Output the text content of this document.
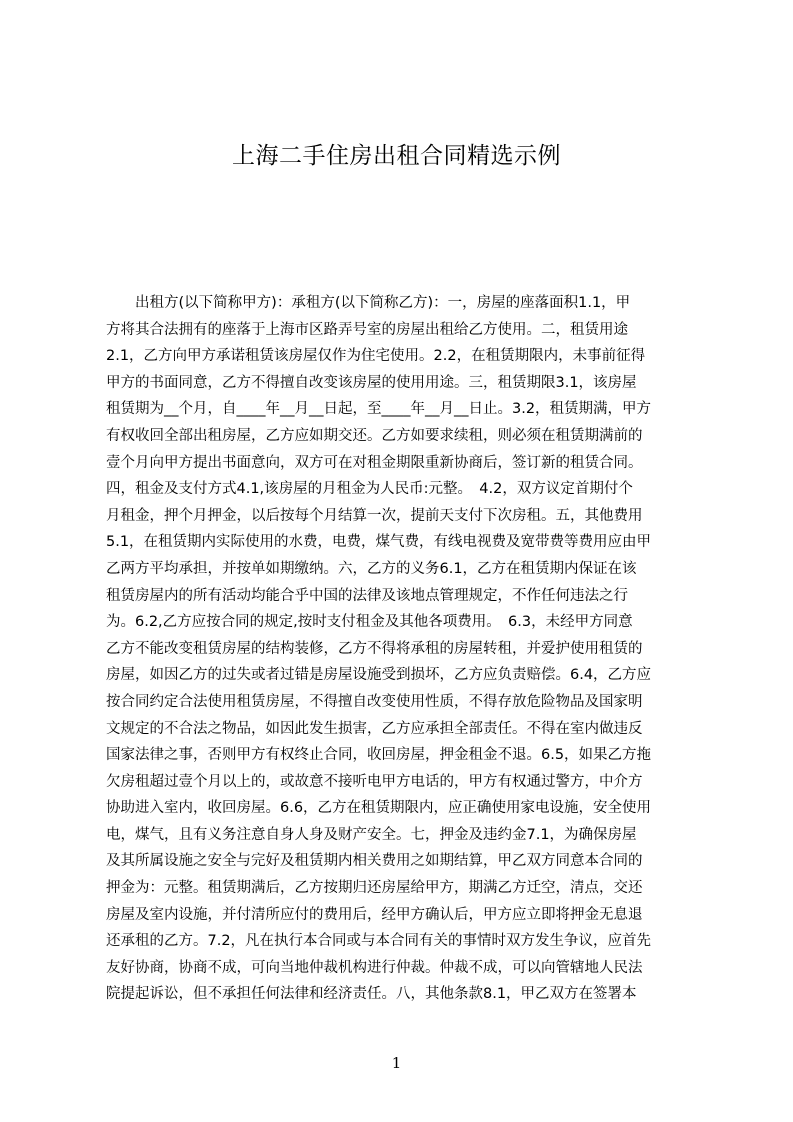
上海二手住房出租合同精选示例

　　出租方(以下简称甲方)：承租方(以下简称乙方)：一，房屋的座落面积1.1，甲

方将其合法拥有的座落于上海市区路弄号室的房屋出租给乙方使用。二，租赁用途

2.1，乙方向甲方承诺租赁该房屋仅作为住宅使用。2.2，在租赁期限内，未事前征得

甲方的书面同意，乙方不得擅自改变该房屋的使用用途。三，租赁期限3.1，该房屋

租赁期为__个月，自____年__月__日起，至____年__月__日止。3.2，租赁期满，甲方

有权收回全部出租房屋，乙方应如期交还。乙方如要求续租，则必须在租赁期满前的

壹个月向甲方提出书面意向，双方可在对租金期限重新协商后，签订新的租赁合同。

四，租金及支付方式4.1,该房屋的月租金为人民币:元整。　4.2，双方议定首期付个

月租金，押个月押金，以后按每个月结算一次，提前天支付下次房租。五，其他费用

5.1，在租赁期内实际使用的水费，电费，煤气费，有线电视费及宽带费等费用应由甲

乙两方平均承担，并按单如期缴纳。六，乙方的义务6.1，乙方在租赁期内保证在该

租赁房屋内的所有活动均能合乎中国的法律及该地点管理规定，不作任何违法之行

为。6.2,乙方应按合同的规定,按时支付租金及其他各项费用。　6.3，未经甲方同意

乙方不能改变租赁房屋的结构装修，乙方不得将承租的房屋转租，并爱护使用租赁的

房屋，如因乙方的过失或者过错是房屋设施受到损坏，乙方应负责赔偿。6.4，乙方应

按合同约定合法使用租赁房屋，不得擅自改变使用性质，不得存放危险物品及国家明

文规定的不合法之物品，如因此发生损害，乙方应承担全部责任。不得在室内做违反

国家法律之事，否则甲方有权终止合同，收回房屋，押金租金不退。6.5，如果乙方拖

欠房租超过壹个月以上的，或故意不接听电甲方电话的，甲方有权通过警方，中介方

协助进入室内，收回房屋。6.6，乙方在租赁期限内，应正确使用家电设施，安全使用

电，煤气，且有义务注意自身人身及财产安全。七，押金及违约金7.1，为确保房屋

及其所属设施之安全与完好及租赁期内相关费用之如期结算，甲乙双方同意本合同的

押金为：元整。租赁期满后，乙方按期归还房屋给甲方，期满乙方迁空，清点，交还

房屋及室内设施，并付清所应付的费用后，经甲方确认后，甲方应立即将押金无息退

还承租的乙方。7.2，凡在执行本合同或与本合同有关的事情时双方发生争议，应首先

友好协商，协商不成，可向当地仲裁机构进行仲裁。仲裁不成，可以向管辖地人民法

院提起诉讼，但不承担任何法律和经济责任。八，其他条款8.1，甲乙双方在签署本

1
